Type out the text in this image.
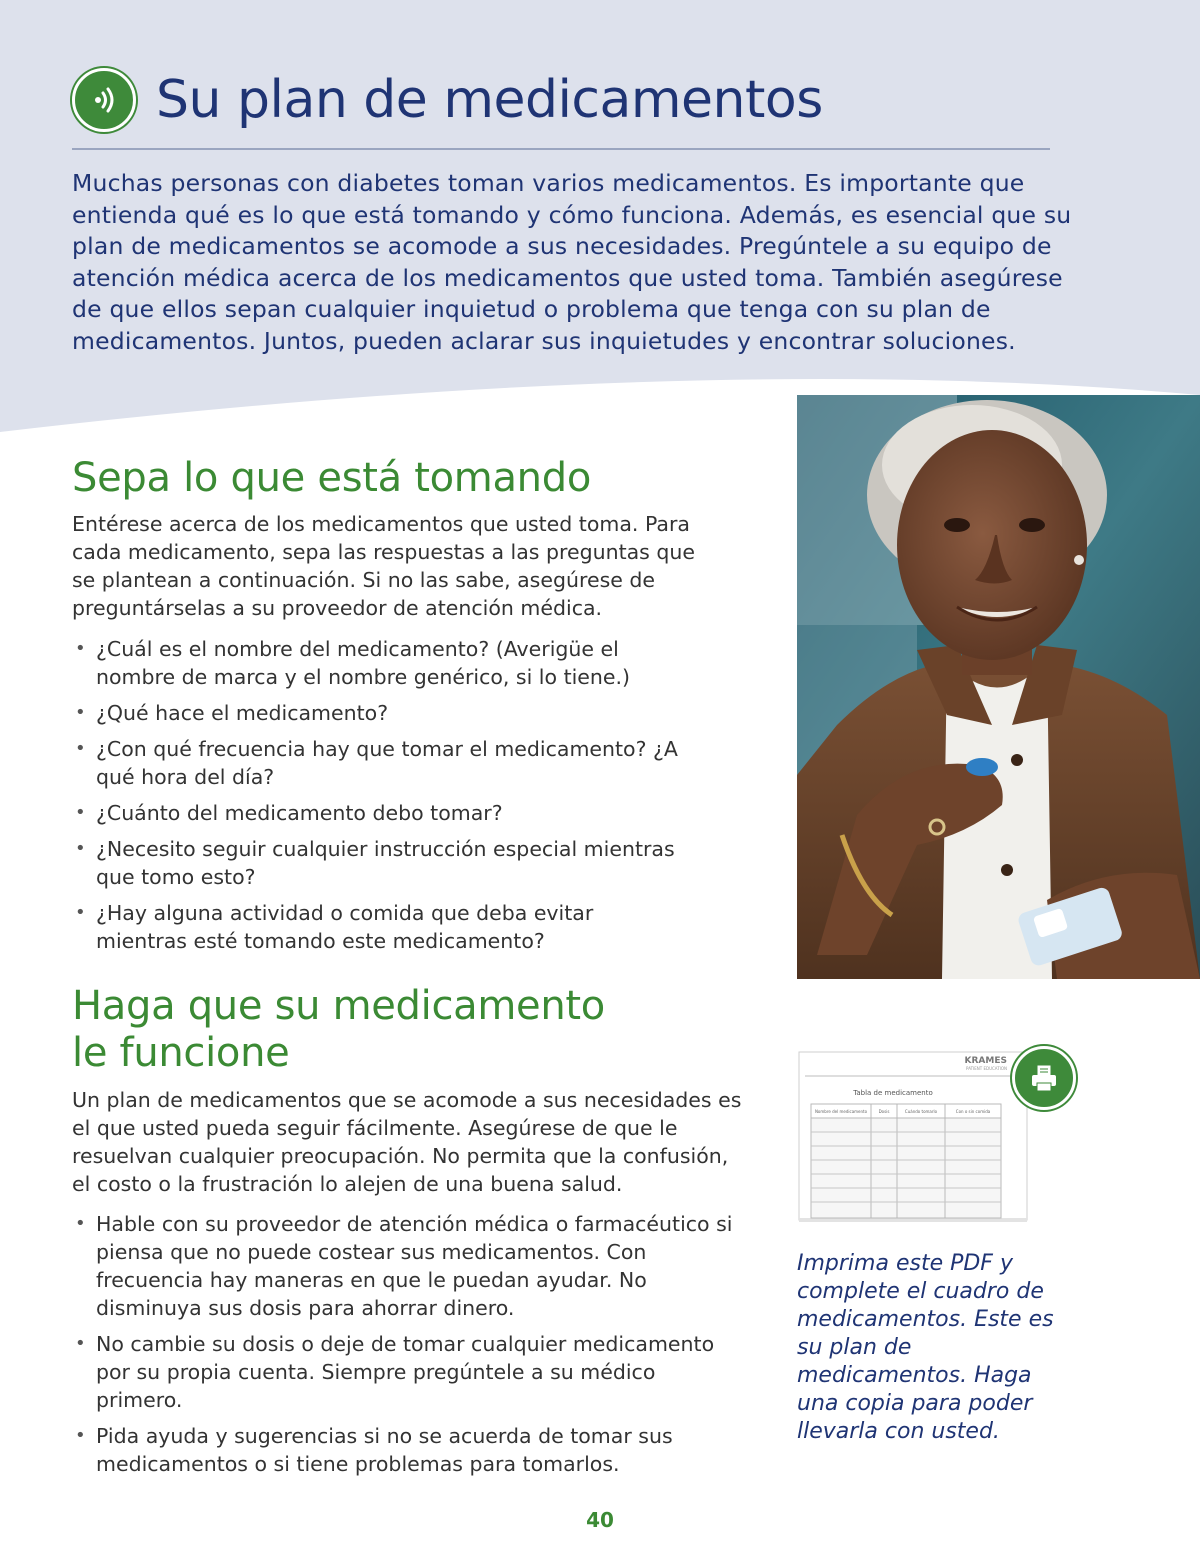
Su plan de medicamentos

Muchas personas con diabetes toman varios medicamentos. Es importante que entienda qué es lo que está tomando y cómo funciona. Además, es esencial que su plan de medicamentos se acomode a sus necesidades. Pregúntele a su equipo de atención médica acerca de los medicamentos que usted toma. También asegúrese de que ellos sepan cualquier inquietud o problema que tenga con su plan de medicamentos. Juntos, pueden aclarar sus inquietudes y encontrar soluciones.

Sepa lo que está tomando

Entérese acerca de los medicamentos que usted toma. Para cada medicamento, sepa las respuestas a las preguntas que se plantean a continuación. Si no las sabe, asegúrese de preguntárselas a su proveedor de atención médica.

• ¿Cuál es el nombre del medicamento? (Averigüe el nombre de marca y el nombre genérico, si lo tiene.)
• ¿Qué hace el medicamento?
• ¿Con qué frecuencia hay que tomar el medicamento? ¿A qué hora del día?
• ¿Cuánto del medicamento debo tomar?
• ¿Necesito seguir cualquier instrucción especial mientras que tomo esto?
• ¿Hay alguna actividad o comida que deba evitar mientras esté tomando este medicamento?
Haga que su medicamento
le funcione

Un plan de medicamentos que se acomode a sus necesidades es el que usted pueda seguir fácilmente. Asegúrese de que le resuelvan cualquier preocupación. No permita que la confusión, el costo o la frustración lo alejen de una buena salud.

• Hable con su proveedor de atención médica o farmacéutico si piensa que no puede costear sus medicamentos. Con frecuencia hay maneras en que le puedan ayudar. No disminuya sus dosis para ahorrar dinero.
• No cambie su dosis o deje de tomar cualquier medicamento por su propia cuenta. Siempre pregúntele a su médico primero.
• Pida ayuda y sugerencias si no se acuerda de tomar sus medicamentos o si tiene problemas para tomarlos.
KRAMES
PATIENT EDUCATION
Tabla de medicamento
Nombre del medicamento	Dosis	Cuándo tomarlo	Con o sin comida

Imprima este PDF y complete el cuadro de medicamentos. Este es su plan de medicamentos. Haga una copia para poder llevarla con usted.

40
